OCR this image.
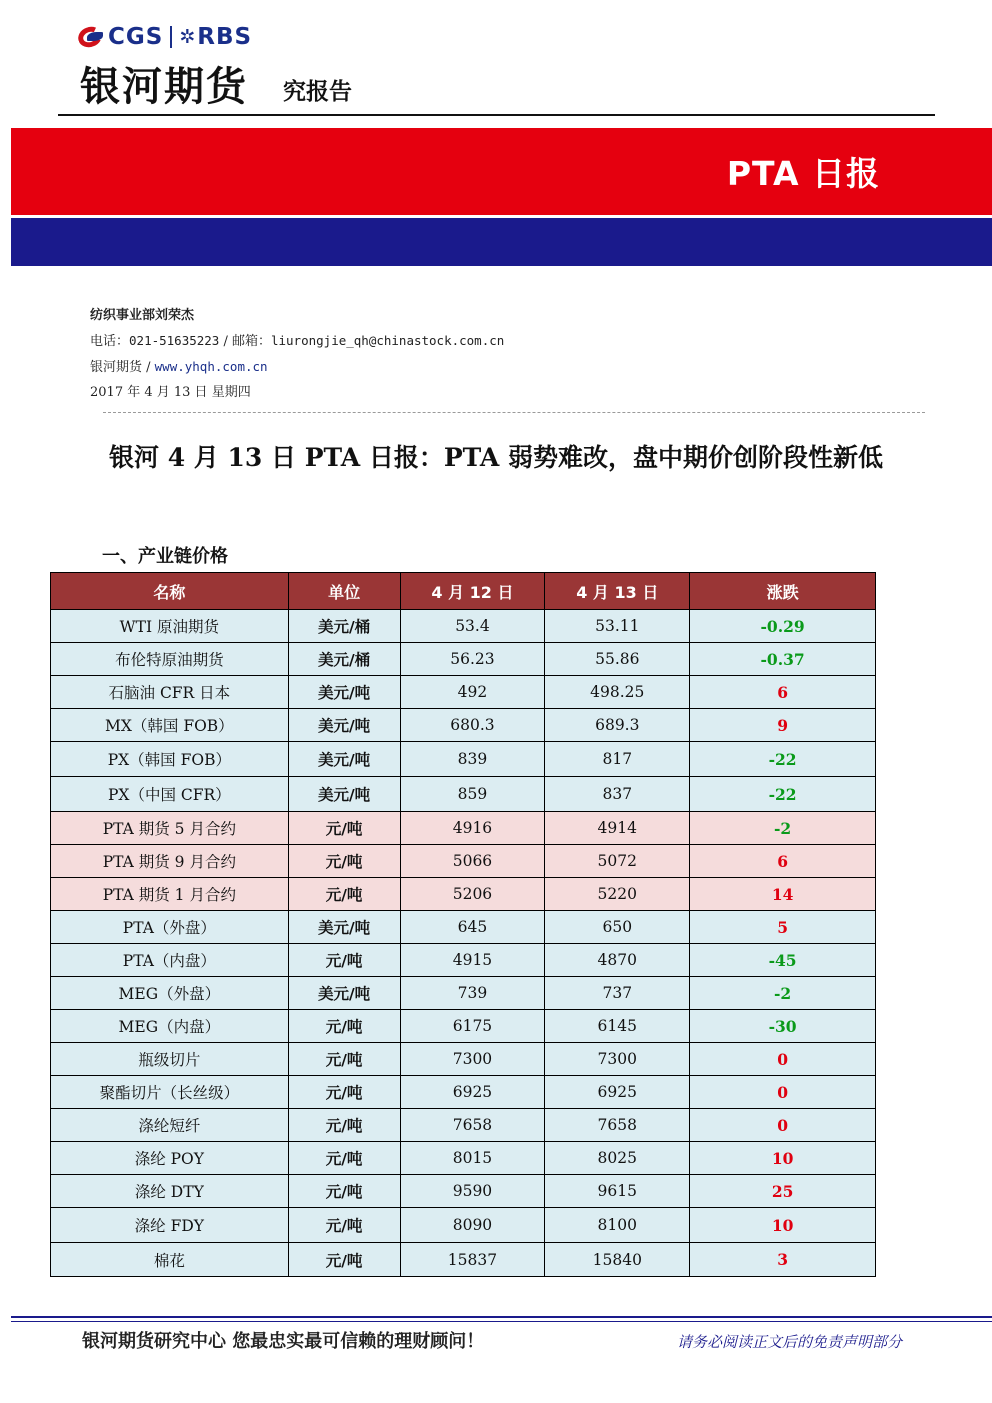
CGS ✲ RBS
银河期货 究报告
PTA 日报
纺织事业部刘荣杰
电话：021-51635223 / 邮箱：liurongjie_qh@chinastock.com.cn
银河期货 / www.yhqh.com.cn
2017 年 4 月 13 日 星期四
银河 4 月 13 日 PTA 日报：PTA 弱势难改，盘中期价创阶段性新低
一、产业链价格
名称	单位	4 月 12 日	4 月 13 日	涨跌
WTI 原油期货	美元/桶	53.4	53.11	-0.29
布伦特原油期货	美元/桶	56.23	55.86	-0.37
石脑油 CFR 日本	美元/吨	492	498.25	6
MX（韩国 FOB）	美元/吨	680.3	689.3	9
PX（韩国 FOB）	美元/吨	839	817	-22
PX（中国 CFR）	美元/吨	859	837	-22
PTA 期货 5 月合约	元/吨	4916	4914	-2
PTA 期货 9 月合约	元/吨	5066	5072	6
PTA 期货 1 月合约	元/吨	5206	5220	14
PTA（外盘）	美元/吨	645	650	5
PTA（内盘）	元/吨	4915	4870	-45
MEG（外盘）	美元/吨	739	737	-2
MEG（内盘）	元/吨	6175	6145	-30
瓶级切片	元/吨	7300	7300	0
聚酯切片（长丝级）	元/吨	6925	6925	0
涤纶短纤	元/吨	7658	7658	0
涤纶 POY	元/吨	8015	8025	10
涤纶 DTY	元/吨	9590	9615	25
涤纶 FDY	元/吨	8090	8100	10
棉花	元/吨	15837	15840	3
银河期货研究中心 您最忠实最可信赖的理财顾问！	请务必阅读正文后的免责声明部分
